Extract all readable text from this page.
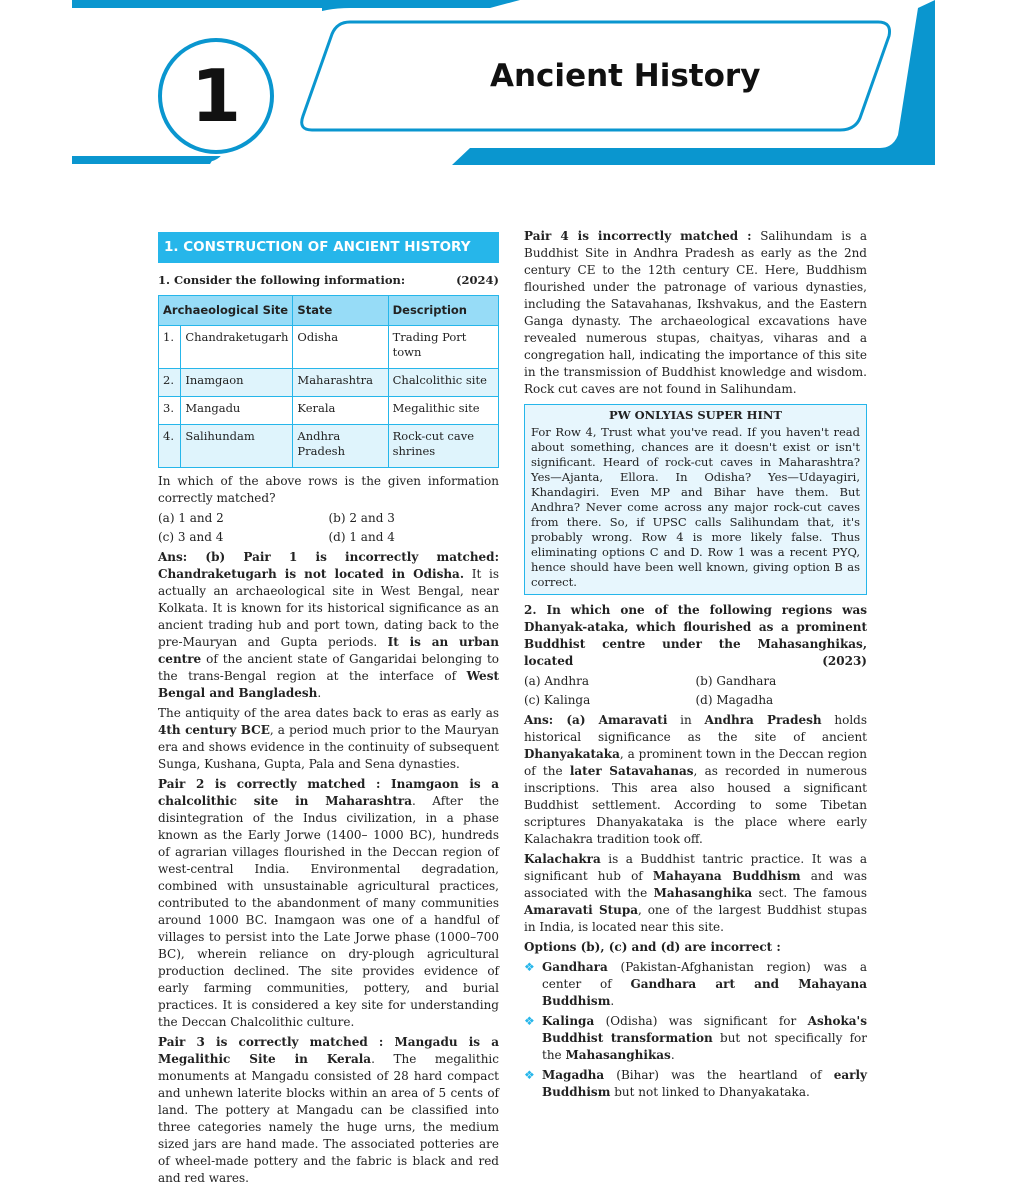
1	Ancient History
1. CONSTRUCTION OF ANCIENT HISTORY
1. Consider the following information:	(2024)
Archaeological Site		State	Description
1.	Chandraketugarh	Odisha	Trading Port town
2.	Inamgaon	Maharashtra	Chalcolithic site
3.	Mangadu	Kerala	Megalithic site
4.	Salihundam	Andhra Pradesh	Rock-cut cave shrines

In which of the above rows is the given information correctly matched?

(a) 1 and 2	(b) 2 and 3
(c) 3 and 4	(d) 1 and 4

Ans: (b) Pair 1 is incorrectly matched: Chandraketugarh is not located in Odisha. It is actually an archaeological site in West Bengal, near Kolkata. It is known for its historical significance as an ancient trading hub and port town, dating back to the pre-Mauryan and Gupta periods. It is an urban centre of the ancient state of Gangaridai belonging to the trans-Bengal region at the interface of West Bengal and Bangladesh.

The antiquity of the area dates back to eras as early as 4th century BCE, a period much prior to the Mauryan era and shows evidence in the continuity of subsequent Sunga, Kushana, Gupta, Pala and Sena dynasties.

Pair 2 is correctly matched : Inamgaon is a chalcolithic site in Maharashtra. After the disintegration of the Indus civilization, in a phase known as the Early Jorwe (1400– 1000 BC), hundreds of agrarian villages flourished in the Deccan region of west-central India. Environmental degradation, combined with unsustainable agricultural practices, contributed to the abandonment of many communities around 1000 BC. Inamgaon was one of a handful of villages to persist into the Late Jorwe phase (1000–700 BC), wherein reliance on dry-plough agricultural production declined. The site provides evidence of early farming communities, pottery, and burial practices. It is considered a key site for understanding the Deccan Chalcolithic culture.

Pair 3 is correctly matched : Mangadu is a Megalithic Site in Kerala. The megalithic monuments at Mangadu consisted of 28 hard compact and unhewn laterite blocks within an area of 5 cents of land. The pottery at Mangadu can be classified into three categories namely the huge urns, the medium sized jars are hand made. The associated potteries are of wheel-made pottery and the fabric is black and red and red wares.

Pair 4 is incorrectly matched : Salihundam is a Buddhist Site in Andhra Pradesh as early as the 2nd century CE to the 12th century CE. Here, Buddhism flourished under the patronage of various dynasties, including the Satavahanas, Ikshvakus, and the Eastern Ganga dynasty. The archaeological excavations have revealed numerous stupas, chaityas, viharas and a congregation hall, indicating the importance of this site in the transmission of Buddhist knowledge and wisdom. Rock cut caves are not found in Salihundam.

PW ONLYIAS SUPER HINT
For Row 4, Trust what you've read. If you haven't read about something, chances are it doesn't exist or isn't significant. Heard of rock-cut caves in Maharashtra? Yes—Ajanta, Ellora. In Odisha? Yes—Udayagiri, Khandagiri. Even MP and Bihar have them. But Andhra? Never come across any major rock-cut caves from there. So, if UPSC calls Salihundam that, it's probably wrong. Row 4 is more likely false. Thus eliminating options C and D. Row 1 was a recent PYQ, hence should have been well known, giving option B as correct.

2. In which one of the following regions was Dhanyak-ataka, which flourished as a prominent Buddhist centre under the Mahasanghikas, located	(2023)

(a) Andhra	(b) Gandhara
(c) Kalinga	(d) Magadha

Ans: (a) Amaravati in Andhra Pradesh holds historical significance as the site of ancient Dhanyakataka, a prominent town in the Deccan region of the later Satavahanas, as recorded in numerous inscriptions. This area also housed a significant Buddhist settlement. According to some Tibetan scriptures Dhanyakataka is the place where early Kalachakra tradition took off.

Kalachakra is a Buddhist tantric practice. It was a significant hub of Mahayana Buddhism and was associated with the Mahasanghika sect. The famous Amaravati Stupa, one of the largest Buddhist stupas in India, is located near this site.

Options (b), (c) and (d) are incorrect :

❖ Gandhara (Pakistan-Afghanistan region) was a center of Gandhara art and Mahayana Buddhism.
❖ Kalinga (Odisha) was significant for Ashoka's Buddhist transformation but not specifically for the Mahasanghikas.
❖ Magadha (Bihar) was the heartland of early Buddhism but not linked to Dhanyakataka.
